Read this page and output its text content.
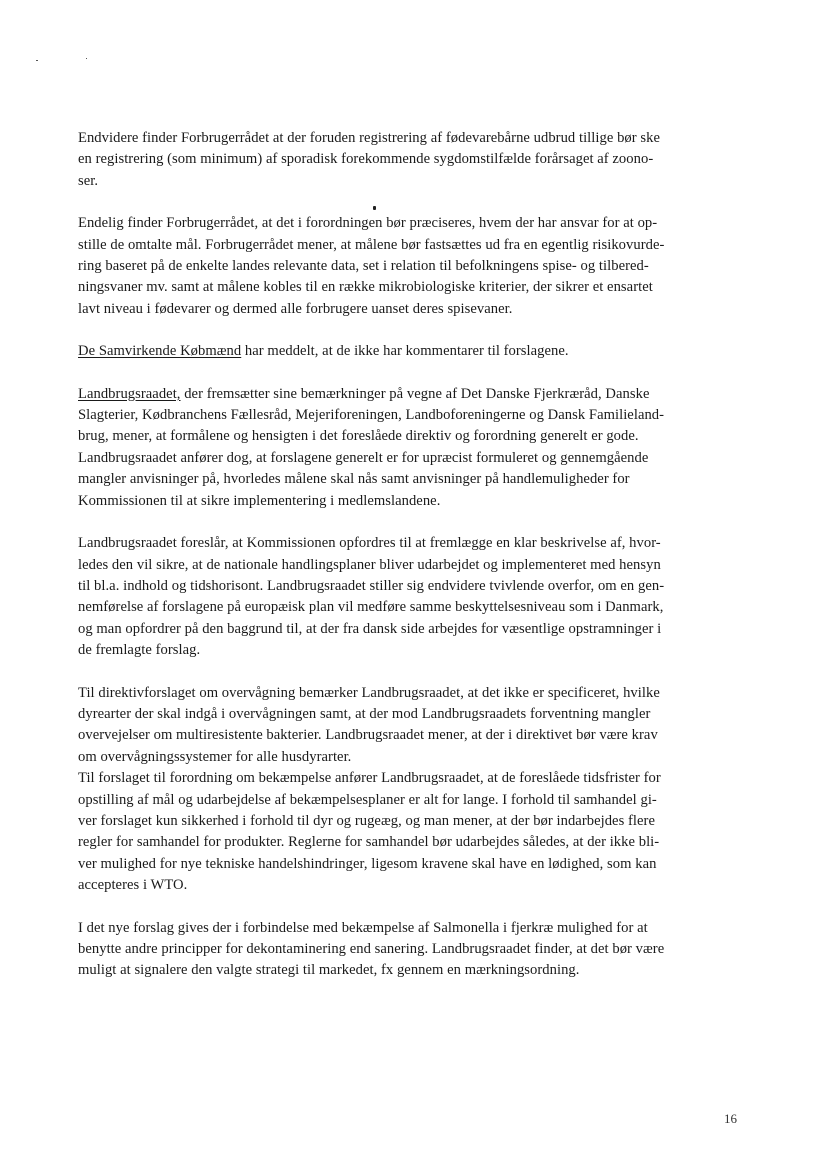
Endvidere finder Forbrugerrådet at der foruden registrering af fødevarebårne udbrud tillige bør ske
en registrering (som minimum) af sporadisk forekommende sygdomstilfælde forårsaget af zoono-
ser.

Endelig finder Forbrugerrådet, at det i forordningen bør præciseres, hvem der har ansvar for at op-
stille de omtalte mål. Forbrugerrådet mener, at målene bør fastsættes ud fra en egentlig risikovurde-
ring baseret på de enkelte landes relevante data, set i relation til befolkningens spise- og tilbered-
ningsvaner mv. samt at målene kobles til en række mikrobiologiske kriterier, der sikrer et ensartet
lavt niveau i fødevarer og dermed alle forbrugere uanset deres spisevaner.

De Samvirkende Købmænd har meddelt, at de ikke har kommentarer til forslagene.

Landbrugsraadet, der fremsætter sine bemærkninger på vegne af Det Danske Fjerkræråd, Danske
Slagterier, Kødbranchens Fællesråd, Mejeriforeningen, Landboforeningerne og Dansk Familieland-
brug, mener, at formålene og hensigten i det foreslåede direktiv og forordning generelt er gode.
Landbrugsraadet anfører dog, at forslagene generelt er for upræcist formuleret og gennemgående
mangler anvisninger på, hvorledes målene skal nås samt anvisninger på handlemuligheder for
Kommissionen til at sikre implementering i medlemslandene.

Landbrugsraadet foreslår, at Kommissionen opfordres til at fremlægge en klar beskrivelse af, hvor-
ledes den vil sikre, at de nationale handlingsplaner bliver udarbejdet og implementeret med hensyn
til bl.a. indhold og tidshorisont. Landbrugsraadet stiller sig endvidere tvivlende overfor, om en gen-
nemførelse af forslagene på europæisk plan vil medføre samme beskyttelsesniveau som i Danmark,
og man opfordrer på den baggrund til, at der fra dansk side arbejdes for væsentlige opstramninger i
de fremlagte forslag.

Til direktivforslaget om overvågning bemærker Landbrugsraadet, at det ikke er specificeret, hvilke
dyrearter der skal indgå i overvågningen samt, at der mod Landbrugsraadets forventning mangler
overvejelser om multiresistente bakterier. Landbrugsraadet mener, at der i direktivet bør være krav
om overvågningssystemer for alle husdyrarter.
Til forslaget til forordning om bekæmpelse anfører Landbrugsraadet, at de foreslåede tidsfrister for
opstilling af mål og udarbejdelse af bekæmpelsesplaner er alt for lange. I forhold til samhandel gi-
ver forslaget kun sikkerhed i forhold til dyr og rugeæg, og man mener, at der bør indarbejdes flere
regler for samhandel for produkter. Reglerne for samhandel bør udarbejdes således, at der ikke bli-
ver mulighed for nye tekniske handelshindringer, ligesom kravene skal have en lødighed, som kan
accepteres i WTO.

I det nye forslag gives der i forbindelse med bekæmpelse af Salmonella i fjerkræ mulighed for at
benytte andre principper for dekontaminering end sanering. Landbrugsraadet finder, at det bør være
muligt at signalere den valgte strategi til markedet, fx gennem en mærkningsordning.

16
